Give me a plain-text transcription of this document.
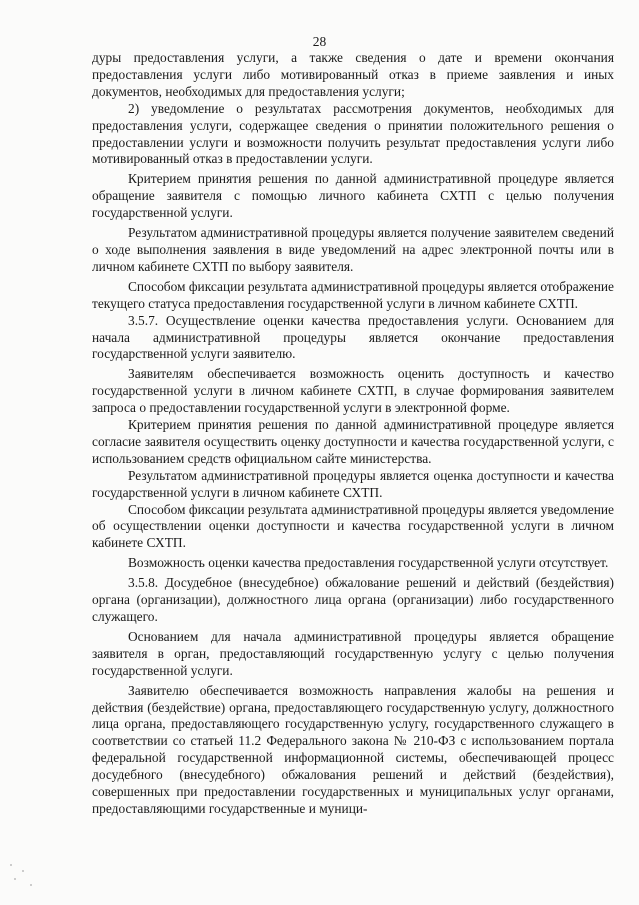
28

дуры предоставления услуги, а также сведения о дате и времени окончания предоставления услуги либо мотивированный отказ в приеме заявления и иных документов, необходимых для предоставления услуги;

2) уведомление о результатах рассмотрения документов, необходимых для предоставления услуги, содержащее сведения о принятии положительного решения о предоставлении услуги и возможности получить результат предоставления услуги либо мотивированный отказ в предоставлении услуги.

Критерием принятия решения по данной административной процедуре является обращение заявителя с помощью личного кабинета СХТП с целью получения государственной услуги.

Результатом административной процедуры является получение заявителем сведений о ходе выполнения заявления в виде уведомлений на адрес электронной почты или в личном кабинете СХТП по выбору заявителя.

Способом фиксации результата административной процедуры является отображение текущего статуса предоставления государственной услуги в личном кабинете СХТП.

3.5.7. Осуществление оценки качества предоставления услуги. Основанием для начала административной процедуры является окончание предоставления государственной услуги заявителю.

Заявителям обеспечивается возможность оценить доступность и качество государственной услуги в личном кабинете СХТП, в случае формирования заявителем запроса о предоставлении государственной услуги в электронной форме.

Критерием принятия решения по данной административной процедуре является согласие заявителя осуществить оценку доступности и качества государственной услуги, с использованием средств официальном сайте министерства.

Результатом административной процедуры является оценка доступности и качества государственной услуги в личном кабинете СХТП.

Способом фиксации результата административной процедуры является уведомление об осуществлении оценки доступности и качества государственной услуги в личном кабинете СХТП.

Возможность оценки качества предоставления государственной услуги отсутствует.

3.5.8. Досудебное (внесудебное) обжалование решений и действий (бездействия) органа (организации), должностного лица органа (организации) либо государственного служащего.

Основанием для начала административной процедуры является обращение заявителя в орган, предоставляющий государственную услугу с целью получения государственной услуги.

Заявителю обеспечивается возможность направления жалобы на решения и действия (бездействие) органа, предоставляющего государственную услугу, должностного лица органа, предоставляющего государственную услугу, государственного служащего в соответствии со статьей 11.2 Федерального закона № 210-ФЗ с использованием портала федеральной государственной информационной системы, обеспечивающей процесс досудебного (внесудебного) обжалования решений и действий (бездействия), совершенных при предоставлении государственных и муниципальных услуг органами, предоставляющими государственные и муници-
